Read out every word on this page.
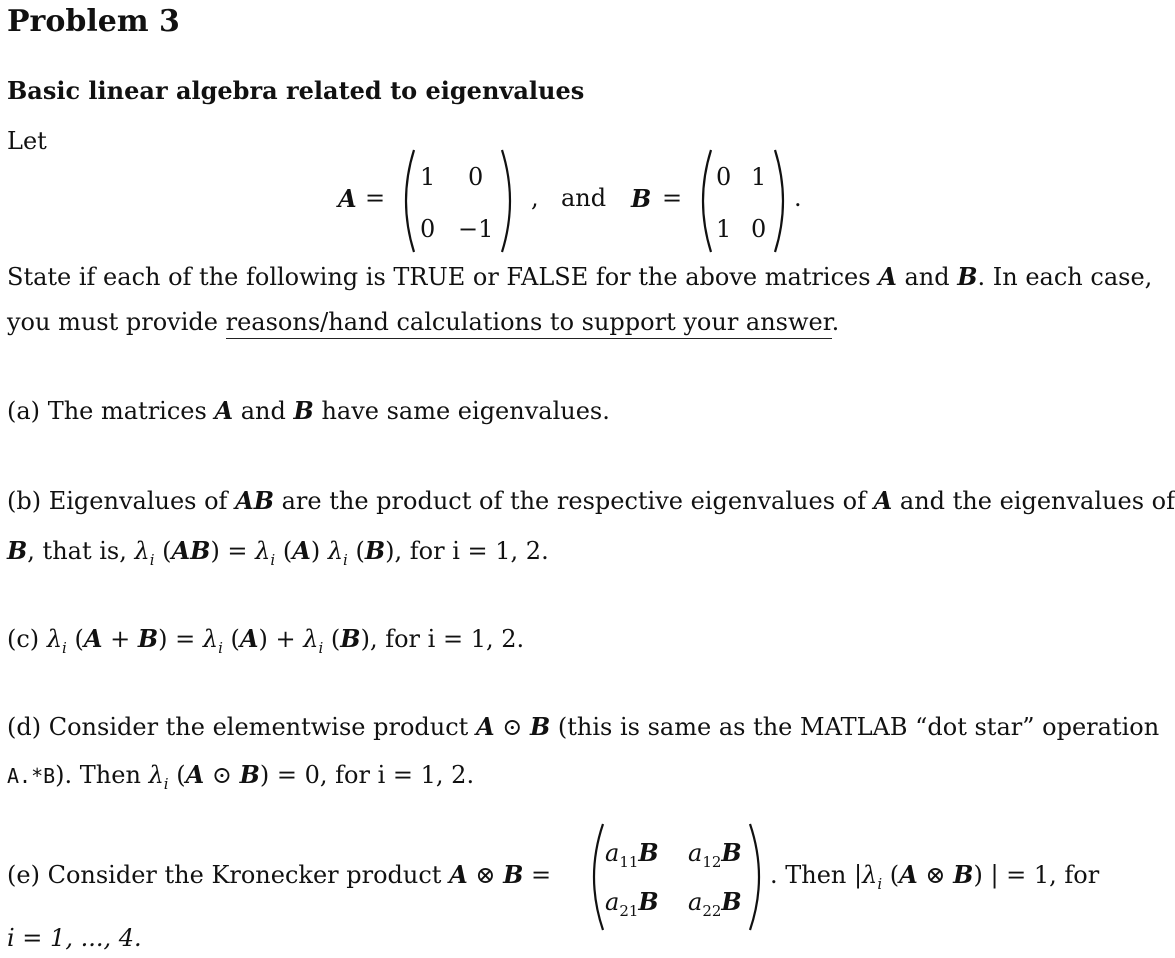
Problem 3
Basic linear algebra related to eigenvalues
Let
A =
1 0
0 −1
, and B =
0 1
1 0
.
State if each of the following is TRUE or FALSE for the above matrices A and B. In each case,
you must provide reasons/hand calculations to support your answer.
(a) The matrices A and B have same eigenvalues.
(b) Eigenvalues of AB are the product of the respective eigenvalues of A and the eigenvalues of
B, that is, $\lambda_i$ $(AB) = \lambda_i$ (A) $\lambda_i$ (B), for i = 1, 2.
(c) $\lambda_i$ $(A + B) = \lambda_i$ $(A) + \lambda_i$ (B), for i = 1, 2.
(d) Consider the elementwise product A ⊙ B (this is same as the MATLAB “dot star” operation
A.*B). Then $\lambda_i$ (A ⊙ B) = 0, for i = 1, 2.
(e) Consider the Kronecker product A ⊗ B =
$a_{11}B$ $a_{12}B$
$a_{21}B$ $a_{22}B$
. Then $|\lambda_i$ (A ⊗ B) | = 1, for
i = 1, ..., 4.
